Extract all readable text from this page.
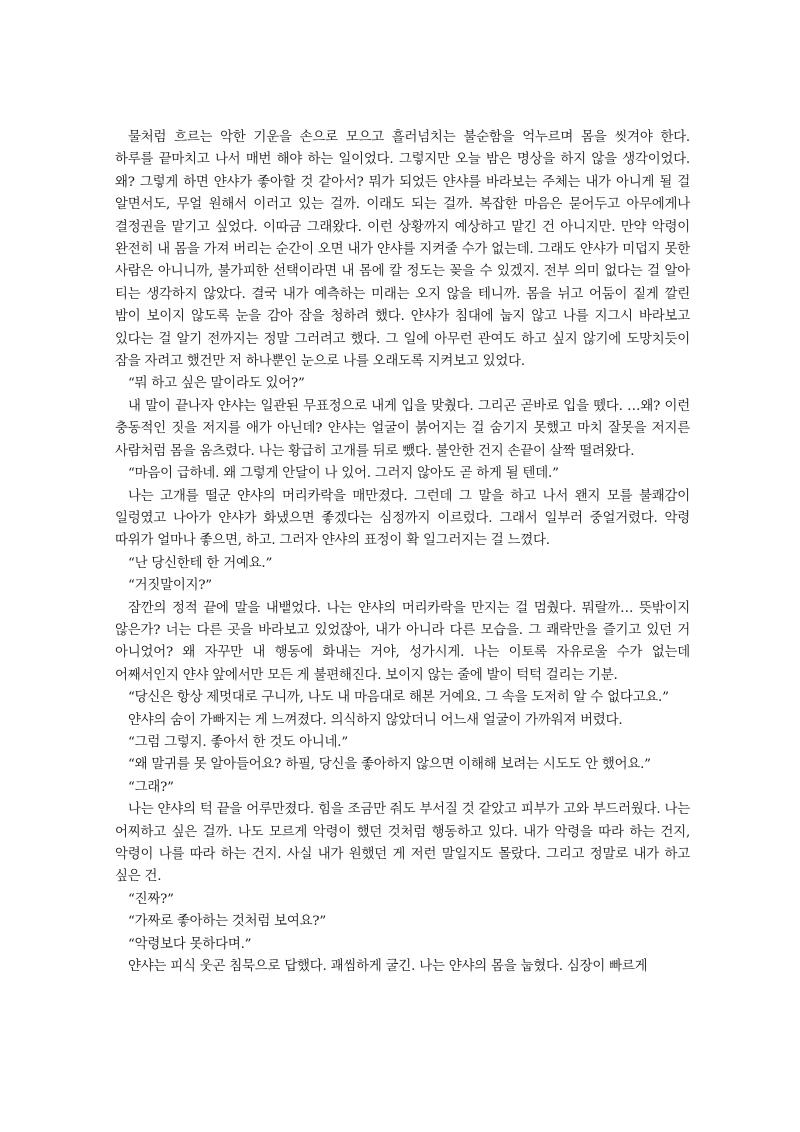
물처럼 흐르는 악한 기운을 손으로 모으고 흘러넘치는 불순함을 억누르며 몸을 씻겨야 한다. 하루를 끝마치고 나서 매번 해야 하는 일이었다. 그렇지만 오늘 밤은 명상을 하지 않을 생각이었다. 왜? 그렇게 하면 얀샤가 좋아할 것 같아서? 뭐가 되었든 얀샤를 바라보는 주체는 내가 아니게 될 걸 알면서도, 무얼 원해서 이러고 있는 걸까. 이래도 되는 걸까. 복잡한 마음은 묻어두고 아무에게나 결정권을 맡기고 싶었다. 이따금 그래왔다. 이런 상황까지 예상하고 맡긴 건 아니지만. 만약 악령이 완전히 내 몸을 가져 버리는 순간이 오면 내가 얀샤를 지켜줄 수가 없는데. 그래도 얀샤가 미덥지 못한 사람은 아니니까, 불가피한 선택이라면 내 몸에 칼 정도는 꽂을 수 있겠지. 전부 의미 없다는 걸 알아 티는 생각하지 않았다. 결국 내가 예측하는 미래는 오지 않을 테니까. 몸을 뉘고 어둠이 짙게 깔린 밤이 보이지 않도록 눈을 감아 잠을 청하려 했다. 얀샤가 침대에 눕지 않고 나를 지그시 바라보고 있다는 걸 알기 전까지는 정말 그러려고 했다. 그 일에 아무런 관여도 하고 싶지 않기에 도망치듯이 잠을 자려고 했건만 저 하나뿐인 눈으로 나를 오래도록 지켜보고 있었다.

“뭐 하고 싶은 말이라도 있어?”

내 말이 끝나자 얀샤는 일관된 무표정으로 내게 입을 맞췄다. 그리곤 곧바로 입을 뗐다. …왜? 이런 충동적인 짓을 저지를 애가 아닌데? 얀샤는 얼굴이 붉어지는 걸 숨기지 못했고 마치 잘못을 저지른 사람처럼 몸을 움츠렸다. 나는 황급히 고개를 뒤로 뺐다. 불안한 건지 손끝이 살짝 떨려왔다.

“마음이 급하네. 왜 그렇게 안달이 나 있어. 그러지 않아도 곧 하게 될 텐데.”

나는 고개를 떨군 얀샤의 머리카락을 매만졌다. 그런데 그 말을 하고 나서 왠지 모를 불쾌감이 일렁였고 나아가 얀샤가 화냈으면 좋겠다는 심정까지 이르렀다. 그래서 일부러 중얼거렸다. 악령 따위가 얼마나 좋으면, 하고. 그러자 얀샤의 표정이 확 일그러지는 걸 느꼈다.

“난 당신한테 한 거예요.”

“거짓말이지?”

잠깐의 정적 끝에 말을 내뱉었다. 나는 얀샤의 머리카락을 만지는 걸 멈췄다. 뭐랄까… 뜻밖이지 않은가? 너는 다른 곳을 바라보고 있었잖아, 내가 아니라 다른 모습을. 그 쾌락만을 즐기고 있던 거 아니었어? 왜 자꾸만 내 행동에 화내는 거야, 성가시게. 나는 이토록 자유로울 수가 없는데 어째서인지 얀샤 앞에서만 모든 게 불편해진다. 보이지 않는 줄에 발이 턱턱 걸리는 기분.

“당신은 항상 제멋대로 구니까, 나도 내 마음대로 해본 거예요. 그 속을 도저히 알 수 없다고요.”

얀샤의 숨이 가빠지는 게 느껴졌다. 의식하지 않았더니 어느새 얼굴이 가까워져 버렸다.

“그럼 그렇지. 좋아서 한 것도 아니네.”

“왜 말귀를 못 알아들어요? 하필, 당신을 좋아하지 않으면 이해해 보려는 시도도 안 했어요.”

“그래?”

나는 얀샤의 턱 끝을 어루만졌다. 힘을 조금만 줘도 부서질 것 같았고 피부가 고와 부드러웠다. 나는 어찌하고 싶은 걸까. 나도 모르게 악령이 했던 것처럼 행동하고 있다. 내가 악령을 따라 하는 건지, 악령이 나를 따라 하는 건지. 사실 내가 원했던 게 저런 말일지도 몰랐다. 그리고 정말로 내가 하고 싶은 건.

“진짜?”

“가짜로 좋아하는 것처럼 보여요?”

“악령보다 못하다며.”

얀샤는 피식 웃곤 침묵으로 답했다. 괘씸하게 굴긴. 나는 얀샤의 몸을 눕혔다. 심장이 빠르게
